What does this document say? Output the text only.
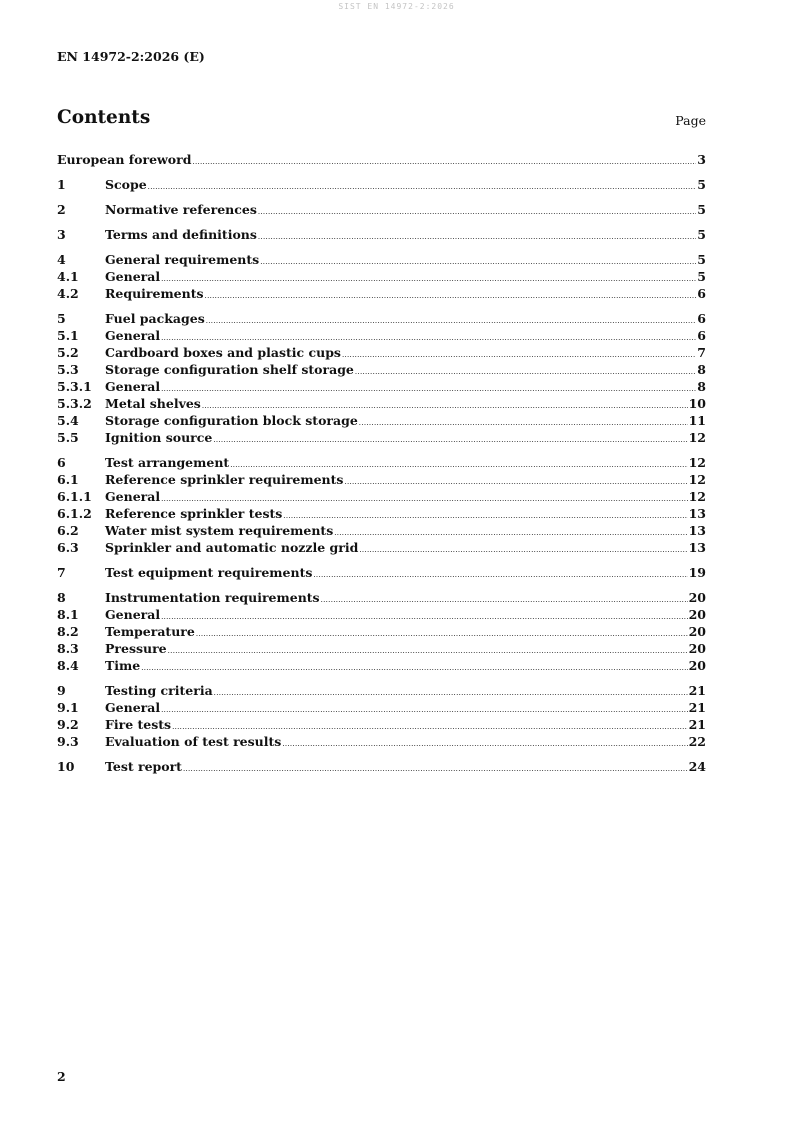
SIST EN 14972-2:2026
EN 14972-2:2026 (E)
Contents	Page
European foreword .....	3
1	Scope .....	5
2	Normative references .....	5
3	Terms and definitions .....	5
4	General requirements .....	5
4.1	General .....	5
4.2	Requirements .....	6
5	Fuel packages .....	6
5.1	General .....	6
5.2	Cardboard boxes and plastic cups .....	7
5.3	Storage configuration shelf storage .....	8
5.3.1	General .....	8
5.3.2	Metal shelves .....	10
5.4	Storage configuration block storage .....	11
5.5	Ignition source .....	12
6	Test arrangement .....	12
6.1	Reference sprinkler requirements .....	12
6.1.1	General .....	12
6.1.2	Reference sprinkler tests .....	13
6.2	Water mist system requirements .....	13
6.3	Sprinkler and automatic nozzle grid .....	13
7	Test equipment requirements .....	19
8	Instrumentation requirements .....	20
8.1	General .....	20
8.2	Temperature .....	20
8.3	Pressure .....	20
8.4	Time .....	20
9	Testing criteria .....	21
9.1	General .....	21
9.2	Fire tests .....	21
9.3	Evaluation of test results .....	22
10	Test report .....	24
2
